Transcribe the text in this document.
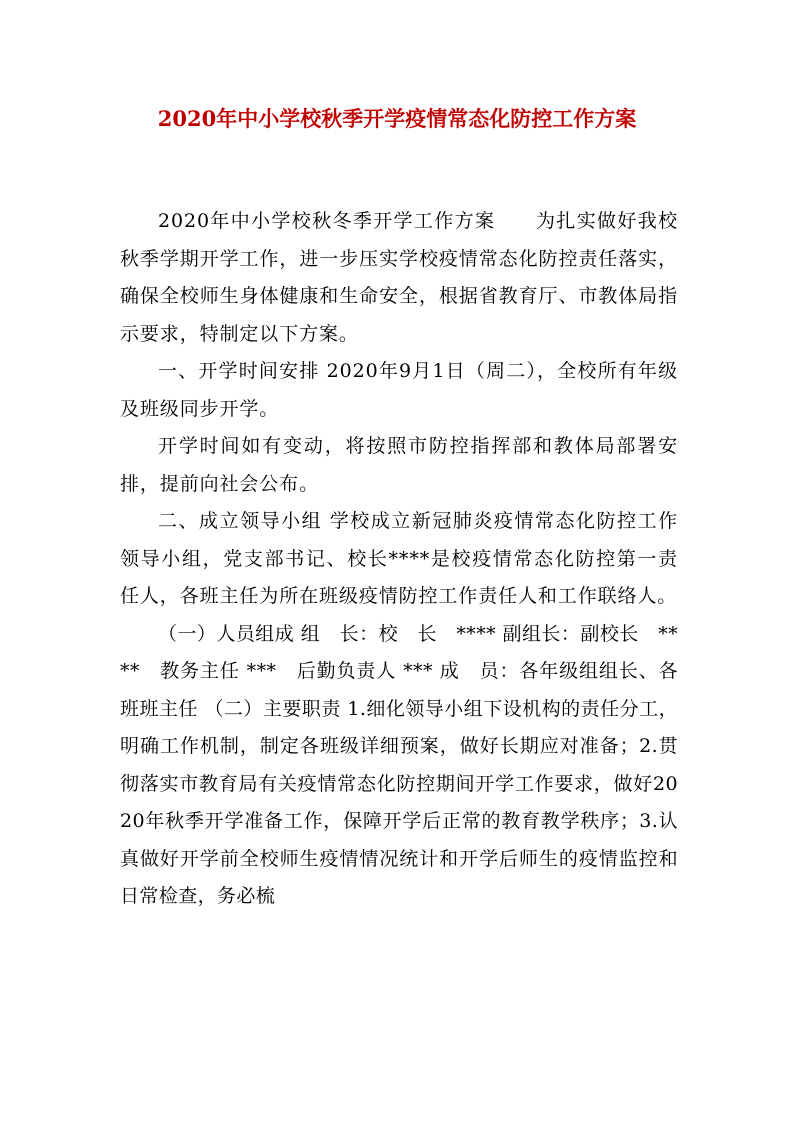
2020年中小学校秋季开学疫情常态化防控工作方案

2020年中小学校秋冬季开学工作方案　　为扎实做好我校秋季学期开学工作，进一步压实学校疫情常态化防控责任落实，确保全校师生身体健康和生命安全，根据省教育厅、市教体局指示要求，特制定以下方案。

一、开学时间安排 2020年9月1日（周二），全校所有年级及班级同步开学。

开学时间如有变动，将按照市防控指挥部和教体局部署安排，提前向社会公布。

二、成立领导小组 学校成立新冠肺炎疫情常态化防控工作领导小组，党支部书记、校长****是校疫情常态化防控第一责任人，各班主任为所在班级疫情防控工作责任人和工作联络人。

（一）人员组成 组　长：校　长　**** 副组长：副校长　****　教务主任 ***　后勤负责人 *** 成　员：各年级组组长、各班班主任 （二）主要职责 1.细化领导小组下设机构的责任分工，明确工作机制，制定各班级详细预案，做好长期应对准备；2.贯彻落实市教育局有关疫情常态化防控期间开学工作要求，做好2020年秋季开学准备工作，保障开学后正常的教育教学秩序；3.认真做好开学前全校师生疫情情况统计和开学后师生的疫情监控和日常检查，务必梳
